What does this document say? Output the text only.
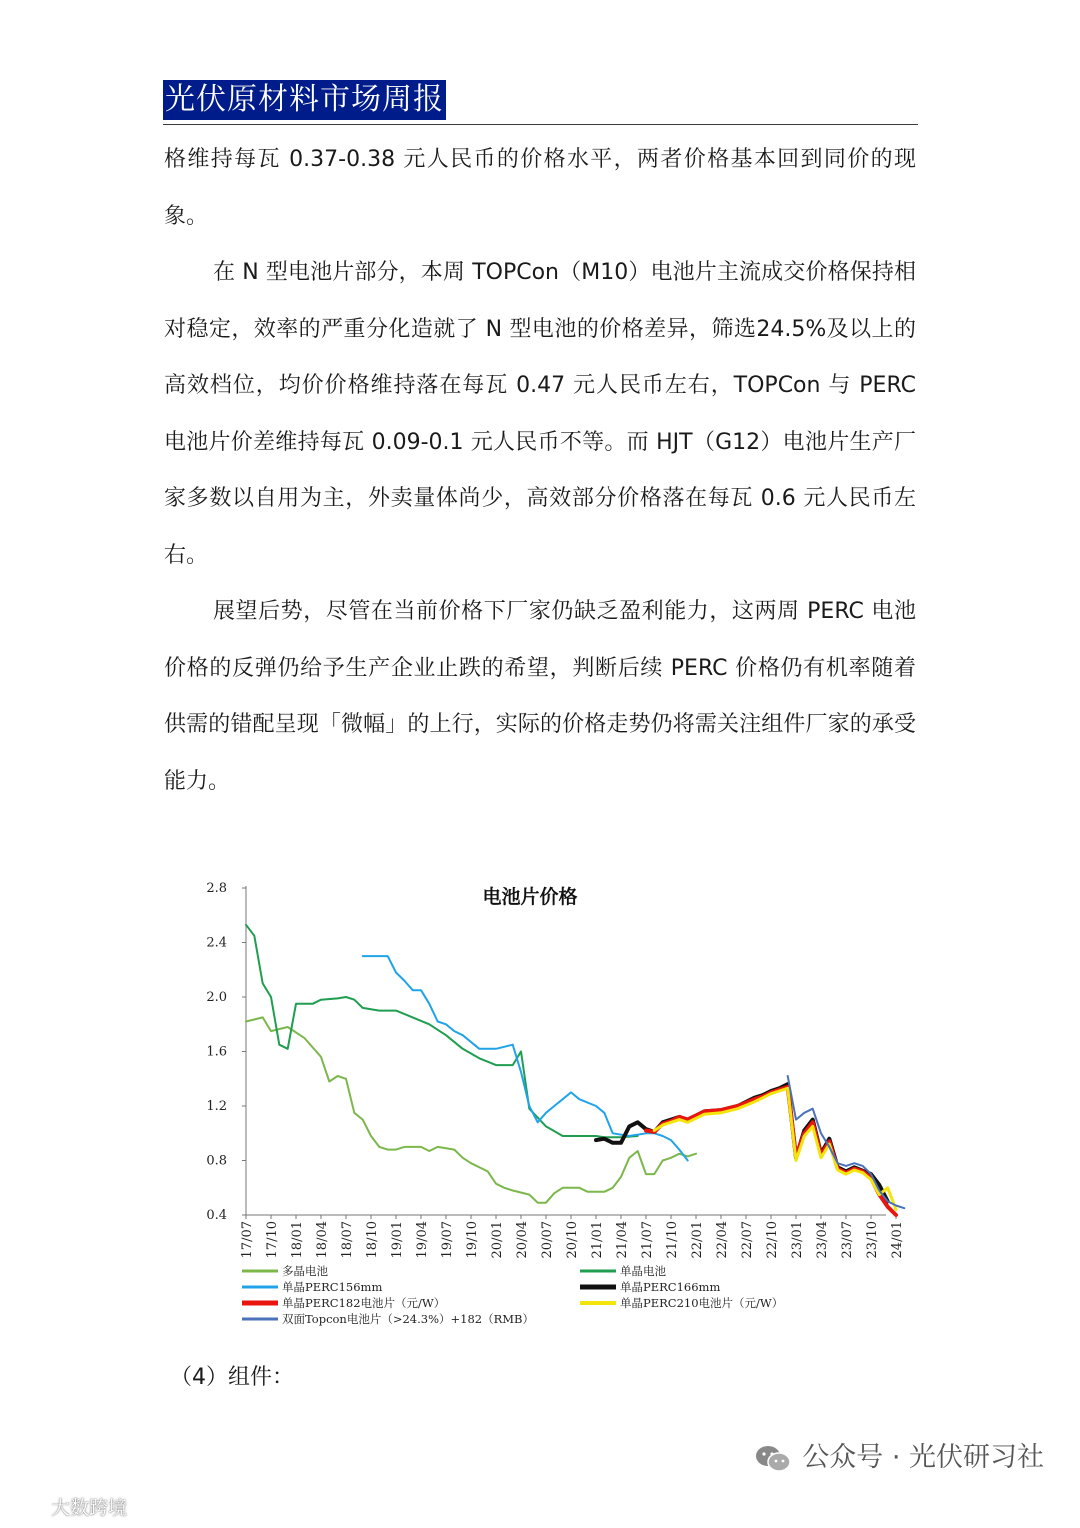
光伏原材料市场周报

格维持每瓦 0.37-0.38 元人民币的价格水平，两者价格基本回到同价的现象。

在 N 型电池片部分，本周 TOPCon（M10）电池片主流成交价格保持相对稳定，效率的严重分化造就了 N 型电池的价格差异，筛选24.5%及以上的高效档位，均价价格维持落在每瓦 0.47 元人民币左右，TOPCon 与 PERC 电池片价差维持每瓦 0.09-0.1 元人民币不等。而 HJT（G12）电池片生产厂家多数以自用为主，外卖量体尚少，高效部分价格落在每瓦 0.6 元人民币左右。

展望后势，尽管在当前价格下厂家仍缺乏盈利能力，这两周 PERC 电池价格的反弹仍给予生产企业止跌的希望，判断后续 PERC 价格仍有机率随着供需的错配呈现「微幅」的上行，实际的价格走势仍将需关注组件厂家的承受能力。

电池片价格
0.4
0.8
1.2
1.6
2.0
2.4
2.8
17/07 17/10 18/01 18/04 18/07 18/10 19/01 19/04 19/07 19/10 20/01 20/04 20/07 20/10 21/01 21/04 21/07 21/10 22/01 22/04 22/07 22/10 23/01 23/04 23/07 23/10 24/01
多晶电池	单晶电池
单晶PERC156mm	单晶PERC166mm
单晶PERC182电池片（元/W）	单晶PERC210电池片（元/W）
双面Topcon电池片（>24.3%）+182（RMB）
（4）组件：
公众号 · 光伏研习社
大数跨境
